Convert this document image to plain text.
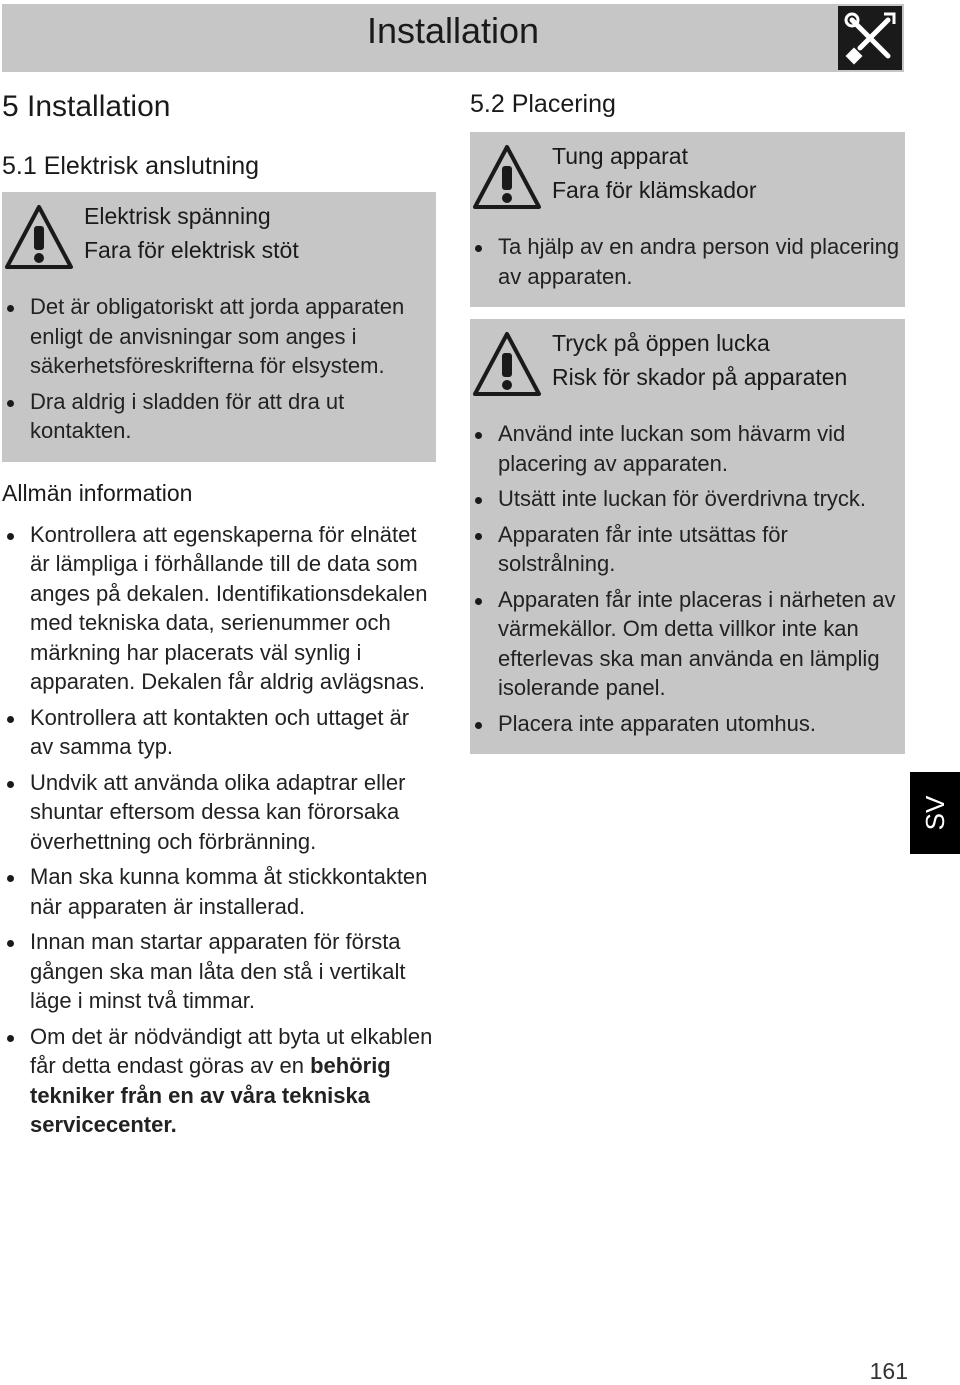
Installation
5 Installation
5.1 Elektrisk anslutning
Elektrisk spänning
Fara för elektrisk stöt
Det är obligatoriskt att jorda apparaten enligt de anvisningar som anges i säkerhetsföreskrifterna för elsystem.
Dra aldrig i sladden för att dra ut kontakten.
Allmän information
Kontrollera att egenskaperna för elnätet är lämpliga i förhållande till de data som anges på dekalen. Identifikationsdekalen med tekniska data, serienummer och märkning har placerats väl synlig i apparaten. Dekalen får aldrig avlägsnas.
Kontrollera att kontakten och uttaget är av samma typ.
Undvik att använda olika adaptrar eller shuntar eftersom dessa kan förorsaka överhettning och förbränning.
Man ska kunna komma åt stickkontakten när apparaten är installerad.
Innan man startar apparaten för första gången ska man låta den stå i vertikalt läge i minst två timmar.
Om det är nödvändigt att byta ut elkablen får detta endast göras av en behörig tekniker från en av våra tekniska servicecenter.
5.2 Placering
Tung apparat
Fara för klämskador
Ta hjälp av en andra person vid placering av apparaten.
Tryck på öppen lucka
Risk för skador på apparaten
Använd inte luckan som hävarm vid placering av apparaten.
Utsätt inte luckan för överdrivna tryck.
Apparaten får inte utsättas för solstrålning.
Apparaten får inte placeras i närheten av värmekällor. Om detta villkor inte kan efterlevas ska man använda en lämplig isolerande panel.
Placera inte apparaten utomhus.
SV
161
